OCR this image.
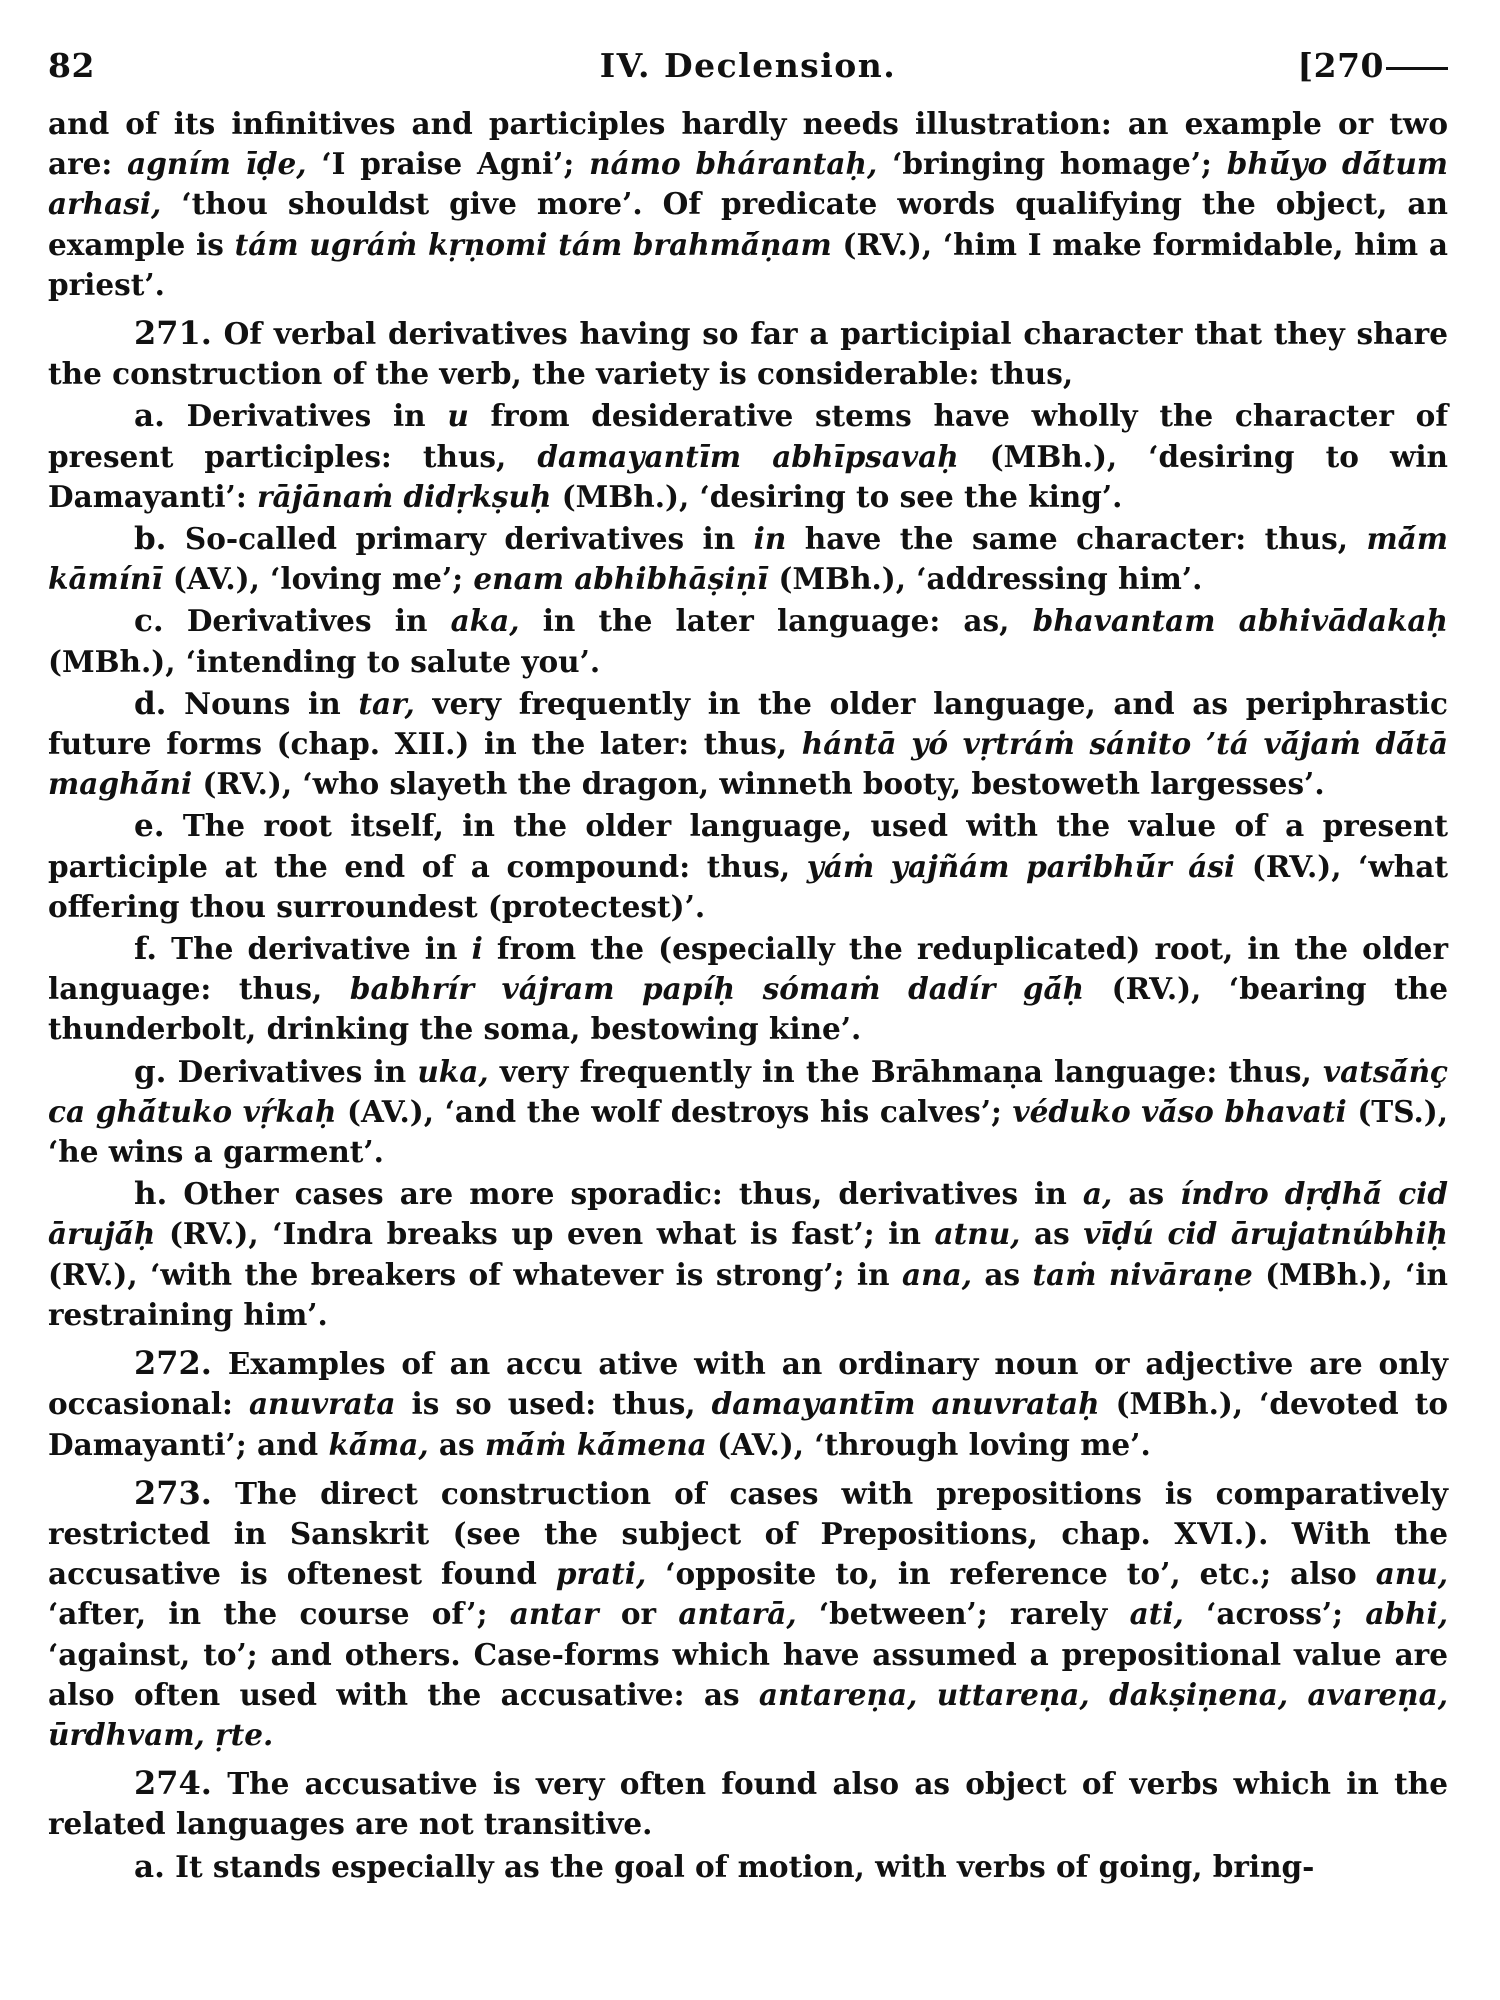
82	IV. Declension.	[270

and of its infinitives and participles hardly needs illustration: an example or two are: agním īḍe, ‘I praise Agni’; námo bhárantaḥ, ‘bringing homage’; bhū́yo dā́tum arhasi, ‘thou shouldst give more’. Of predicate words qualifying the object, an example is tám ugráṁ kṛṇomi tám brahmā́ṇam (RV.), ‘him I make formidable, him a priest’.

271. Of verbal derivatives having so far a participial character that they share the construction of the verb, the variety is considerable: thus,

a. Derivatives in u from desiderative stems have wholly the character of present participles: thus, damayantīm abhīpsavaḥ (MBh.), ‘desiring to win Damayanti’: rājānaṁ didṛkṣuḥ (MBh.), ‘desiring to see the king’.

b. So-called primary derivatives in in have the same character: thus, mā́m kāmínī (AV.), ‘loving me’; enam abhibhāṣiṇī (MBh.), ‘addressing him’.

c. Derivatives in aka, in the later language: as, bhavantam abhivādakaḥ (MBh.), ‘intending to salute you’.

d. Nouns in tar, very frequently in the older language, and as periphrastic future forms (chap. XII.) in the later: thus, hántā yó vṛtráṁ sánito ’tá vā́jaṁ dā́tā maghā́ni (RV.), ‘who slayeth the dragon, winneth booty, bestoweth largesses’.

e. The root itself, in the older language, used with the value of a present participle at the end of a compound: thus, yáṁ yajñám paribhū́r ási (RV.), ‘what offering thou surroundest (protectest)’.

f. The derivative in i from the (especially the reduplicated) root, in the older language: thus, babhrír vájram papíḥ sómaṁ dadír gā́ḥ (RV.), ‘bearing the thunderbolt, drinking the soma, bestowing kine’.

g. Derivatives in uka, very frequently in the Brāhmaṇa language: thus, vatsā́ṅç ca ghā́tuko vṛ́kaḥ (AV.), ‘and the wolf destroys his calves’; véduko vā́so bhavati (TS.), ‘he wins a garment’.

h. Other cases are more sporadic: thus, derivatives in a, as índro dṛḍhā́ cid ārujā́ḥ (RV.), ‘Indra breaks up even what is fast’; in atnu, as vīḍú cid ārujatnúbhiḥ (RV.), ‘with the breakers of whatever is strong’; in ana, as taṁ nivāraṇe (MBh.), ‘in restraining him’.

272. Examples of an accu ative with an ordinary noun or adjective are only occasional: anuvrata is so used: thus, damayantīm anuvrataḥ (MBh.), ‘devoted to Damayanti’; and kā́ma, as mā́ṁ kā́mena (AV.), ‘through loving me’.

273. The direct construction of cases with prepositions is comparatively restricted in Sanskrit (see the subject of Prepositions, chap. XVI.). With the accusative is oftenest found prati, ‘opposite to, in reference to’, etc.; also anu, ‘after, in the course of’; antar or antarā, ‘between’; rarely ati, ‘across’; abhi, ‘against, to’; and others. Case-forms which have assumed a prepositional value are also often used with the accusative: as antareṇa, uttareṇa, dakṣiṇena, avareṇa, ūrdhvam, ṛte.

274. The accusative is very often found also as object of verbs which in the related languages are not transitive.

a. It stands especially as the goal of motion, with verbs of going, bring-
